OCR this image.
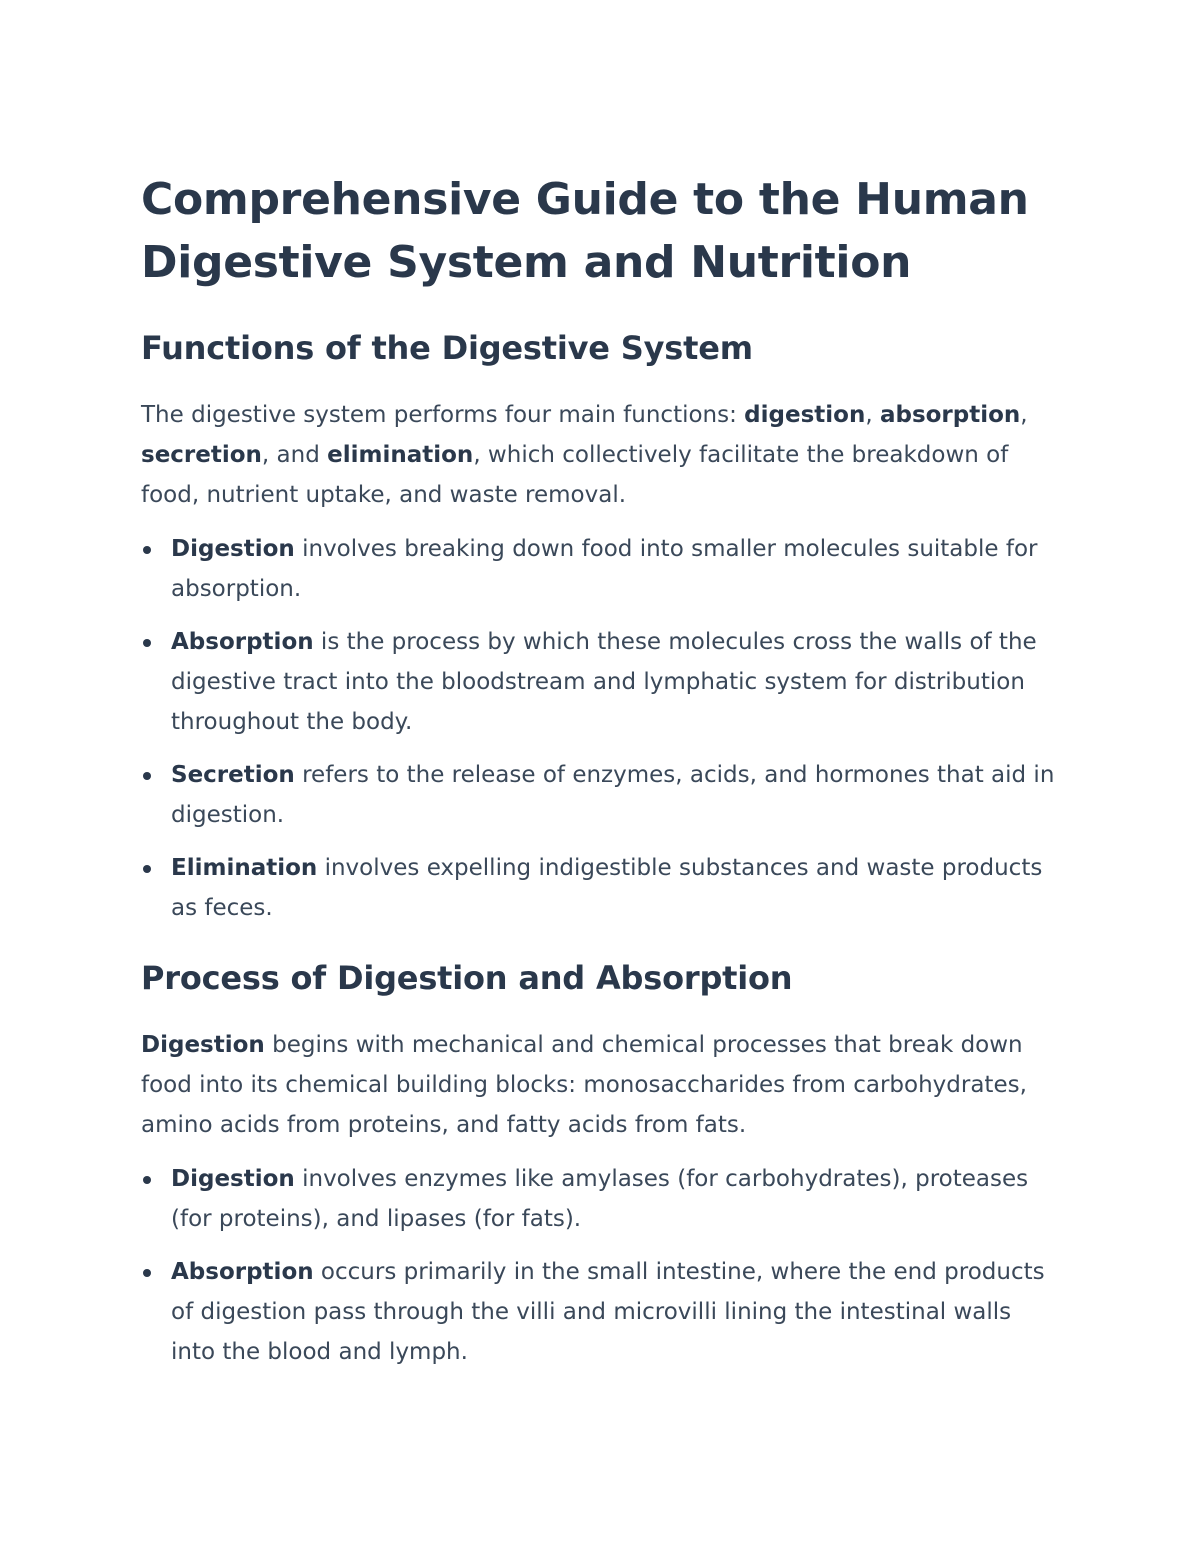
Comprehensive Guide to the Human Digestive System and Nutrition
Functions of the Digestive System

The digestive system performs four main functions: digestion, absorption, secretion, and elimination, which collectively facilitate the breakdown of food, nutrient uptake, and waste removal.

Digestion involves breaking down food into smaller molecules suitable for absorption.
Absorption is the process by which these molecules cross the walls of the digestive tract into the bloodstream and lymphatic system for distribution throughout the body.
Secretion refers to the release of enzymes, acids, and hormones that aid in digestion.
Elimination involves expelling indigestible substances and waste products as feces.
Process of Digestion and Absorption

Digestion begins with mechanical and chemical processes that break down food into its chemical building blocks: monosaccharides from carbohydrates, amino acids from proteins, and fatty acids from fats.

Digestion involves enzymes like amylases (for carbohydrates), proteases (for proteins), and lipases (for fats).
Absorption occurs primarily in the small intestine, where the end products of digestion pass through the villi and microvilli lining the intestinal walls into the blood and lymph.
